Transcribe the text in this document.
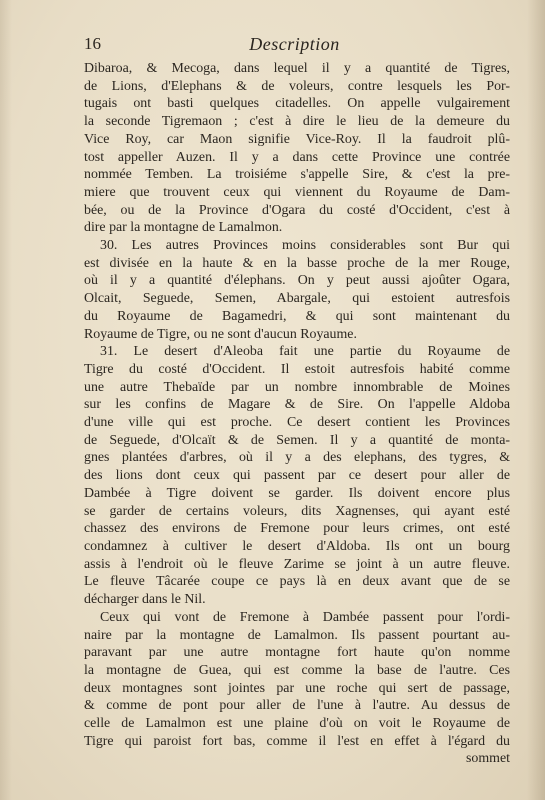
16	Description

Dibaroa, & Mecoga, dans lequel il y a quantité de Tigres,
de Lions, d'Elephans & de voleurs, contre lesquels les Por-
tugais ont basti quelques citadelles. On appelle vulgairement
la seconde Tigremaon ; c'est à dire le lieu de la demeure du
Vice Roy, car Maon signifie Vice-Roy. Il la faudroit plû-
tost appeller Auzen. Il y a dans cette Province une contrée
nommée Temben. La troisiéme s'appelle Sire, & c'est la pre-
miere que trouvent ceux qui viennent du Royaume de Dam-
bée, ou de la Province d'Ogara du costé d'Occident, c'est à
dire par la montagne de Lamalmon.

30. Les autres Provinces moins considerables sont Bur qui
est divisée en la haute & en la basse proche de la mer Rouge,
où il y a quantité d'élephans. On y peut aussi ajoûter Ogara,
Olcait, Seguede, Semen, Abargale, qui estoient autresfois
du Royaume de Bagamedri, & qui sont maintenant du
Royaume de Tigre, ou ne sont d'aucun Royaume.

31. Le desert d'Aleoba fait une partie du Royaume de
Tigre du costé d'Occident. Il estoit autresfois habité comme
une autre Thebaïde par un nombre innombrable de Moines
sur les confins de Magare & de Sire. On l'appelle Aldoba
d'une ville qui est proche. Ce desert contient les Provinces
de Seguede, d'Olcaït & de Semen. Il y a quantité de monta-
gnes plantées d'arbres, où il y a des elephans, des tygres, &
des lions dont ceux qui passent par ce desert pour aller de
Dambée à Tigre doivent se garder. Ils doivent encore plus
se garder de certains voleurs, dits Xagnenses, qui ayant esté
chassez des environs de Fremone pour leurs crimes, ont esté
condamnez à cultiver le desert d'Aldoba. Ils ont un bourg
assis à l'endroit où le fleuve Zarime se joint à un autre fleuve.
Le fleuve Tâcarée coupe ce pays là en deux avant que de se
décharger dans le Nil.

Ceux qui vont de Fremone à Dambée passent pour l'ordi-
naire par la montagne de Lamalmon. Ils passent pourtant au-
paravant par une autre montagne fort haute qu'on nomme
la montagne de Guea, qui est comme la base de l'autre. Ces
deux montagnes sont jointes par une roche qui sert de passage,
& comme de pont pour aller de l'une à l'autre. Au dessus de
celle de Lamalmon est une plaine d'où on voit le Royaume de
Tigre qui paroist fort bas, comme il l'est en effet à l'égard du

sommet
